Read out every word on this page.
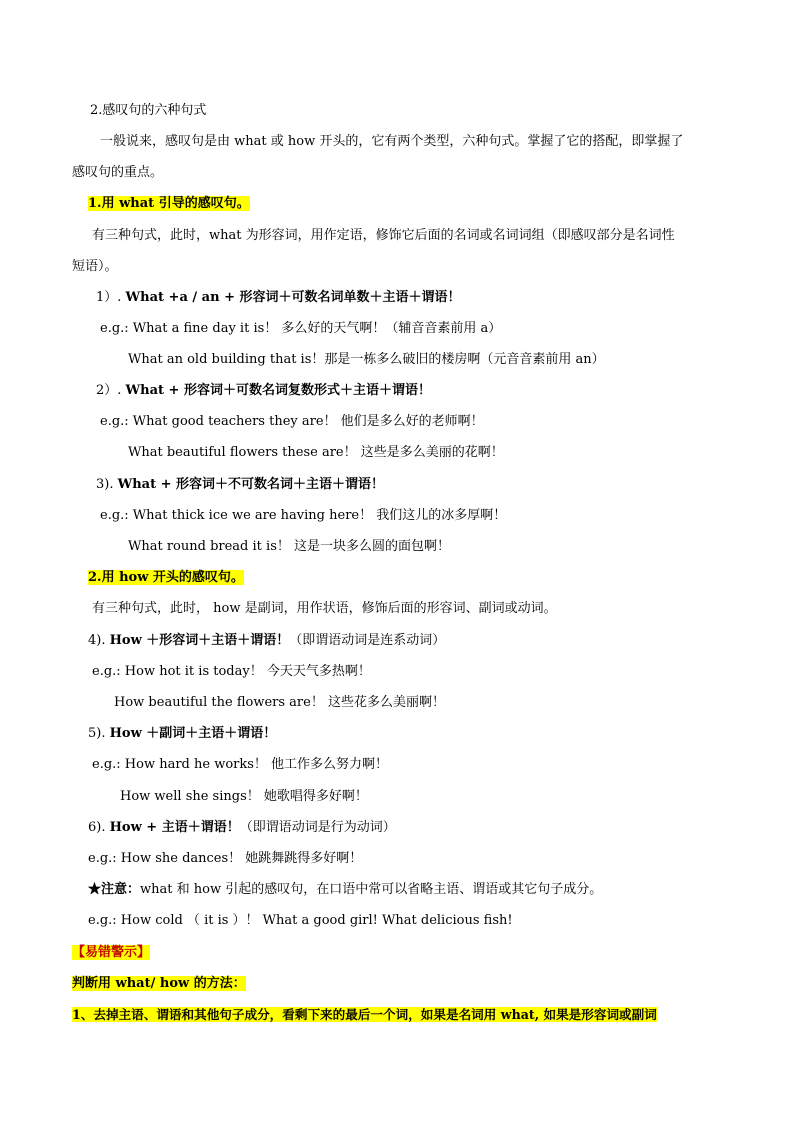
2.感叹句的六种句式
一般说来，感叹句是由 what 或 how 开头的，它有两个类型，六种句式。掌握了它的搭配，即掌握了
感叹句的重点。
1.用 what 引导的感叹句。
有三种句式，此时，what 为形容词，用作定语，修饰它后面的名词或名词词组（即感叹部分是名词性
短语）。
1）. What +a / an + 形容词＋可数名词单数＋主语＋谓语！
e.g.: What a fine day it is！ 多么好的天气啊！（辅音音素前用 a）
What an old building that is！那是一栋多么破旧的楼房啊（元音音素前用 an）
2）. What + 形容词＋可数名词复数形式＋主语＋谓语！
e.g.: What good teachers they are！ 他们是多么好的老师啊！
What beautiful flowers these are！ 这些是多么美丽的花啊！
3). What + 形容词＋不可数名词＋主语＋谓语！
e.g.: What thick ice we are having here！ 我们这儿的冰多厚啊！
What round bread it is！ 这是一块多么圆的面包啊！
2.用 how 开头的感叹句。
有三种句式，此时， how 是副词，用作状语，修饰后面的形容词、副词或动词。
4). How ＋形容词＋主语＋谓语！（即谓语动词是连系动词）
e.g.: How hot it is today！ 今天天气多热啊！
How beautiful the flowers are！ 这些花多么美丽啊！
5). How ＋副词＋主语＋谓语！
e.g.: How hard he works！ 他工作多么努力啊！
How well she sings！ 她歌唱得多好啊！
6). How + 主语＋谓语！（即谓语动词是行为动词）
e.g.: How she dances！ 她跳舞跳得多好啊！
★注意：what 和 how 引起的感叹句，在口语中常可以省略主语、谓语或其它句子成分。
e.g.: How cold （ it is ）！ What a good girl! What delicious fish!
【易错警示】
判断用 what/ how 的方法：
1、去掉主语、谓语和其他句子成分，看剩下来的最后一个词，如果是名词用 what, 如果是形容词或副词
